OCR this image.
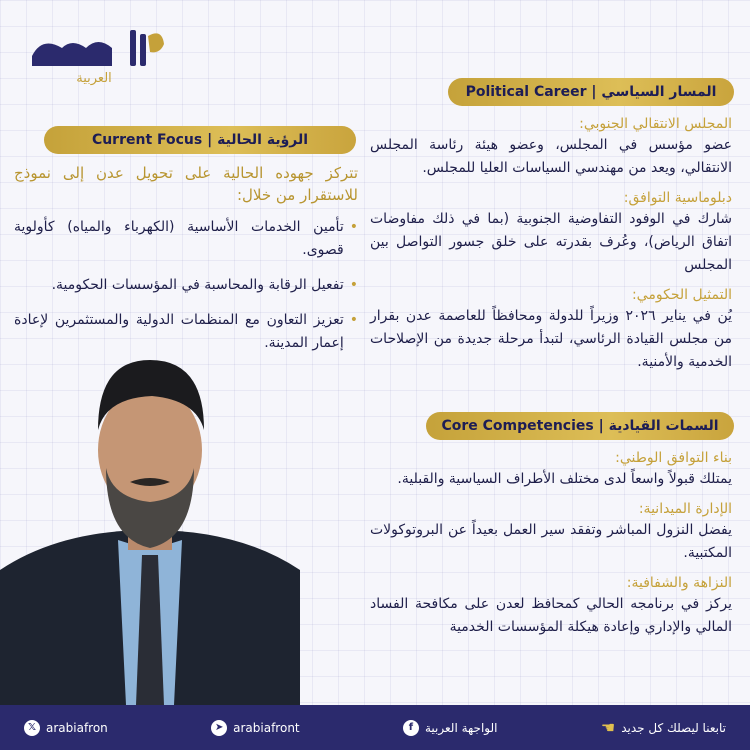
العربية
Political Career | المسار السياسي
Current Focus | الرؤية الحالية
المجلس الانتقالي الجنوبي:
عضو مؤسس في المجلس، وعضو هيئة رئاسة المجلس الانتقالي، ويعد من مهندسي السياسات العليا للمجلس.
دبلوماسية التوافق:
شارك في الوفود التفاوضية الجنوبية (بما في ذلك مفاوضات اتفاق الرياض)، وعُرف بقدرته على خلق جسور التواصل بين المجلس
التمثيل الحكومي:
يُن في يناير ٢٠٢٦ وزيراً للدولة ومحافظاً للعاصمة عدن بقرار من مجلس القيادة الرئاسي، لتبدأ مرحلة جديدة من الإصلاحات الخدمية والأمنية.
تتركز جهوده الحالية على تحويل عدن إلى نموذج للاستقرار من خلال:
•
تأمين الخدمات الأساسية (الكهرباء والمياه) كأولوية قصوى.
•
تفعيل الرقابة والمحاسبة في المؤسسات الحكومية.
•
تعزيز التعاون مع المنظمات الدولية والمستثمرين لإعادة إعمار المدينة.
Core Competencies | السمات القيادية
بناء التوافق الوطني:
يمتلك قبولاً واسعاً لدى مختلف الأطراف السياسية والقبلية.
الإدارة الميدانية:
يفضل النزول المباشر وتفقد سير العمل بعيداً عن البروتوكولات المكتبية.
النزاهة والشفافية:
يركز في برنامجه الحالي كمحافظ لعدن على مكافحة الفساد المالي والإداري وإعادة هيكلة المؤسسات الخدمية
𝕏 arabiafron	➤ arabiafront	f الواجهة العربية	☚ تابعنا ليصلك كل جديد
